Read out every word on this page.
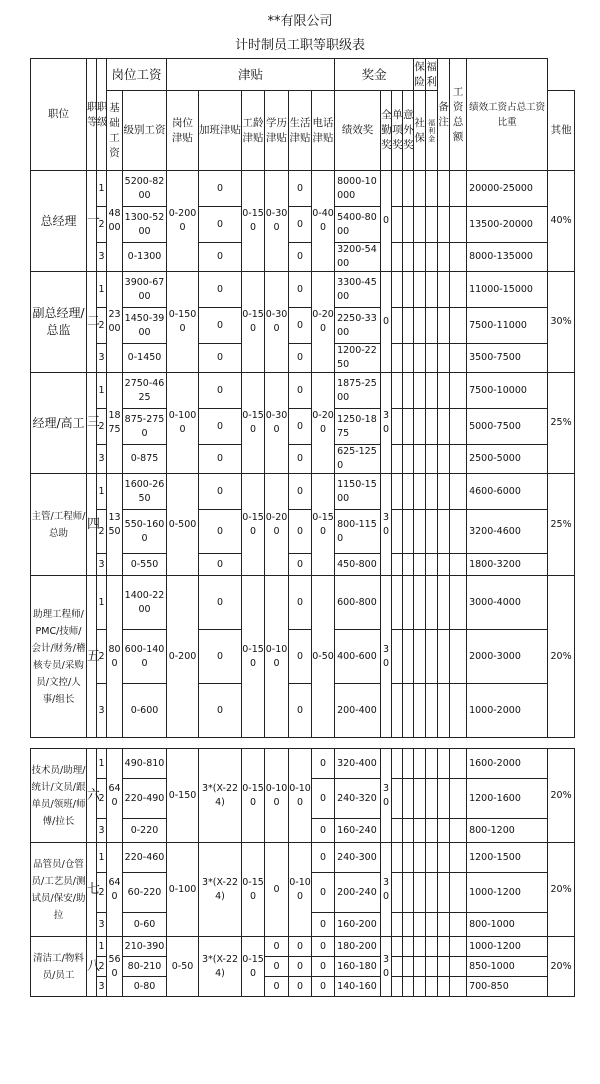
**有限公司
计时制员工职等职级表
职位	职等	职级	岗位工资		津贴						奖金				保险	福利	备注	工资总额	绩效工资占总工资比重	
			基础工资	级别工资	岗位津贴	加班津贴	工龄津贴	学历津贴	生活津贴	电话津贴	绩效奖	全勤奖	单项奖	意外奖	社保	福利金				其他
总经理	一	1	4800	5200-8200	0-2000	0	0-150	0-300	0	0-400	8000-10000	0							20000-25000	40%
		2		1300-5200		0			0		5400-8000								13500-20000	
		3		0-1300		0			0		3200-5400								8000-135000	
副总经理/总监	二	1	2300	3900-6700	0-1500	0	0-150	0-300	0	0-200	3300-4500	0							11000-15000	30%
		2		1450-3900		0			0		2250-3300								7500-11000	
		3		0-1450		0			0		1200-2250								3500-7500	
经理/高工	三	1	1875	2750-4625	0-1000	0	0-150	0-300	0	0-200	1875-2500	30							7500-10000	25%
		2		875-2750		0			0		1250-1875								5000-7500	
		3		0-875		0			0		625-1250								2500-5000	
主管/工程师/总助	四	1	1350	1600-2650	0-500	0	0-150	0-200	0	0-150	1150-1500	30							4600-6000	25%
		2		550-1600		0			0		800-1150								3200-4600	
		3		0-550		0			0		450-800								1800-3200	
助理工程师/PMC/技师/会计/财务/稽核专员/采购员/文控/人事/组长	五	1	800	1400-2200	0-200	0	0-150	0-100	0	0-50	600-800	30							3000-4000	20%
		2		600-1400		0			0		400-600								2000-3000	
		3		0-600		0			0		200-400								1000-2000	

技术员/助理/统计/文员/跟单员/领班/师傅/拉长	六	1	640	490-810	0-150	3*(X-224)	0-150	0-100	0-100	0	320-400	30							1600-2000	20%
		2		220-490						0	240-320								1200-1600	
		3		0-220						0	160-240								800-1200	
品管员/仓管员/工艺员/测试员/保安/助拉	七	1	640	220-460	0-100	3*(X-224)	0-150	0	0-100	0	240-300	30							1200-1500	20%
		2		60-220						0	200-240								1000-1200	
		3		0-60						0	160-200								800-1000	
清洁工/物料员/员工	八	1	560	210-390	0-50	3*(X-224)	0-150	0	0	0	180-200	30							1000-1200	20%
		2		80-210				0	0	0	160-180								850-1000	
		3		0-80				0	0	0	140-160								700-850	
